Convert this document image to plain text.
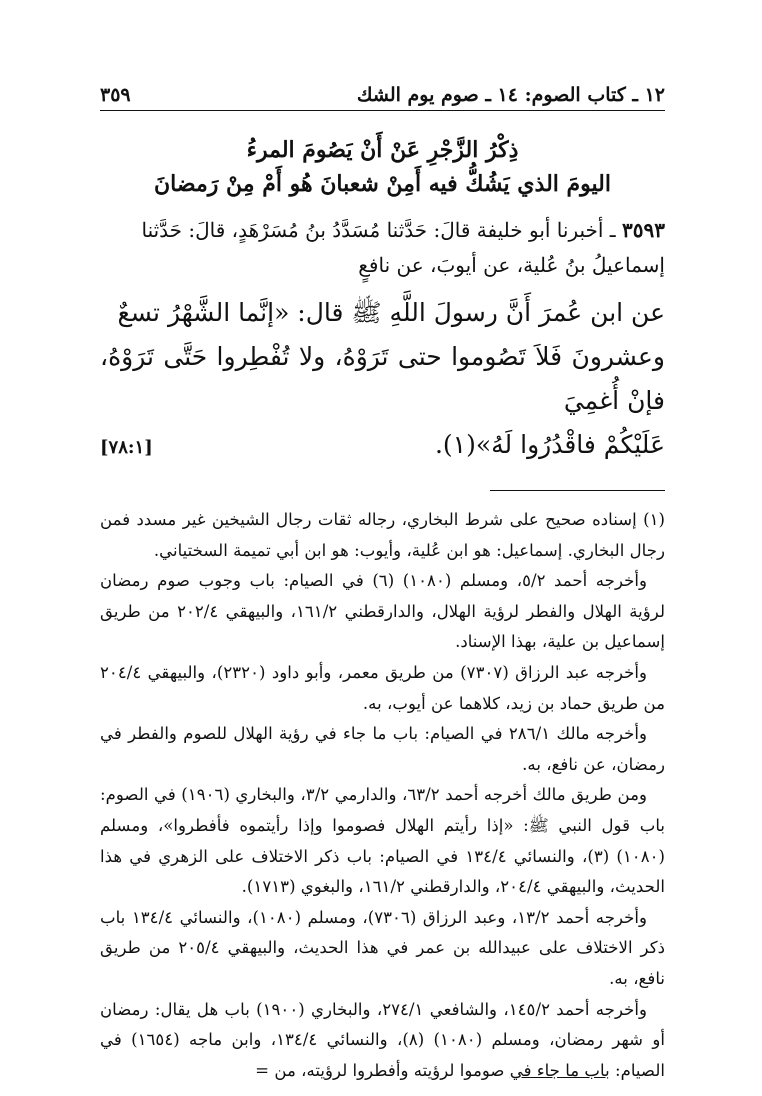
١٢ ـ كتاب الصوم: ١٤ ـ صوم يوم الشك
٣٥٩
ذِكْرُ الزَّجْرِ عَنْ أَنْ يَصُومَ المرءُ
اليومَ الذي يَشُكُّ فيه أَمِنْ شعبانَ هُو أَمْ مِنْ رَمضانَ
٣٥٩٣ ـ أخبرنا أبو خليفة قالَ: حَدَّثنا مُسَدَّدُ بنُ مُسَرْهَدٍ، قالَ: حَدَّثنا
إسماعيلُ بنُ عُلية، عن أيوبَ، عن نافعٍ
عن ابن عُمرَ أَنَّ رسولَ اللَّهِ ﷺ قال: «إنَّما الشَّهْرُ تسعٌ
وعشرونَ فَلاَ تَصُوموا حتى تَرَوْهُ، ولا تُفْطِروا حَتَّى تَرَوْهُ، فإنْ أُغمِيَ
عَلَيْكُمْ فاقْدُرُوا لَهُ»(١).
[٧٨:١]

(١) إسناده صحيح على شرط البخاري، رجاله ثقات رجال الشيخين غير مسدد فمن رجال البخاري. إسماعيل: هو ابن عُلية، وأيوب: هو ابن أبي تميمة السختياني.

وأخرجه أحمد ٥/٢، ومسلم (١٠٨٠) (٦) في الصيام: باب وجوب صوم رمضان لرؤية الهلال والفطر لرؤية الهلال، والدارقطني ١٦١/٢، والبيهقي ٢٠٢/٤ من طريق إسماعيل بن علية، بهذا الإسناد.

وأخرجه عبد الرزاق (٧٣٠٧) من طريق معمر، وأبو داود (٢٣٢٠)، والبيهقي ٢٠٤/٤ من طريق حماد بن زيد، كلاهما عن أيوب، به.

وأخرجه مالك ٢٨٦/١ في الصيام: باب ما جاء في رؤية الهلال للصوم والفطر في رمضان، عن نافع، به.

ومن طريق مالك أخرجه أحمد ٦٣/٢، والدارمي ٣/٢، والبخاري (١٩٠٦) في الصوم: باب قول النبي ﷺ: «إذا رأيتم الهلال فصوموا وإذا رأيتموه فأفطروا»، ومسلم (١٠٨٠) (٣)، والنسائي ١٣٤/٤ في الصيام: باب ذكر الاختلاف على الزهري في هذا الحديث، والبيهقي ٢٠٤/٤، والدارقطني ١٦١/٢، والبغوي (١٧١٣).

وأخرجه أحمد ١٣/٢، وعبد الرزاق (٧٣٠٦)، ومسلم (١٠٨٠)، والنسائي ١٣٤/٤ باب ذكر الاختلاف على عبيدالله بن عمر في هذا الحديث، والبيهقي ٢٠٥/٤ من طريق نافع، به.

وأخرجه أحمد ١٤٥/٢، والشافعي ٢٧٤/١، والبخاري (١٩٠٠) باب هل يقال: رمضان أو شهر رمضان، ومسلم (١٠٨٠) (٨)، والنسائي ١٣٤/٤، وابن ماجه (١٦٥٤) في الصيام: باب ما جاء في صوموا لرؤيته وأفطروا لرؤيته، من =
